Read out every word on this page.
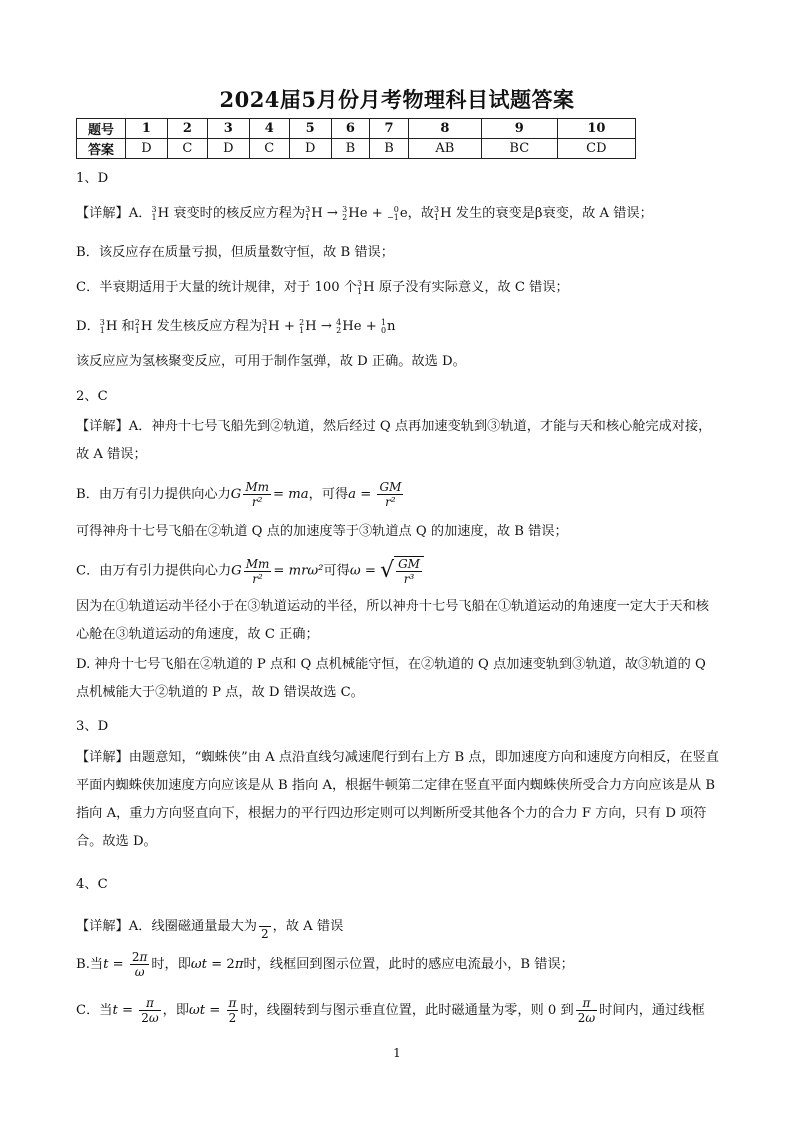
2024届5月份月考物理科目试题答案
题号	1	2	3	4	5	6	7	8	9	10
答案	D	C	D	C	D	B	B	AB	BC	CD
1、D
【详解】A． 3
1 H 衰变时的核反应方程为 3
1 H → 3
2 He + 0
−1 e，故 3
1 H 发生的衰变是β衰变，故 A 错误；
B．该反应存在质量亏损，但质量数守恒，故 B 错误；
C．半衰期适用于大量的统计规律，对于 100 个 3
1 H 原子没有实际意义，故 C 错误；
D． 3
1 H 和 2
1 H 发生核反应方程为 3
1 H + 2
1 H → 4
2 He + 1
0 n
该反应应为氢核聚变反应，可用于制作氢弹，故 D 正确。故选 D。
2、C
【详解】A．神舟十七号飞船先到②轨道，然后经过 Q 点再加速变轨到③轨道，才能与天和核心舱完成对接，故 A 错误；
B．由万有引力提供向心力G $\frac{Mm}{\text{r²}}$ = ma，可得$a = \frac{GM}{\text{r²}}$
可得神舟十七号飞船在②轨道 Q 点的加速度等于③轨道点 Q 的加速度，故 B 错误；
C．由万有引力提供向心力G $\frac{Mm}{\text{r²}} = mr\omega^2$可得ω = √ $\frac{GM}{\text{r³}}$
因为在①轨道运动半径小于在③轨道运动的半径，所以神舟十七号飞船在①轨道运动的角速度一定大于天和核心舱在③轨道运动的角速度，故 C 正确；
D. 神舟十七号飞船在②轨道的 P 点和 Q 点机械能守恒，在②轨道的 Q 点加速变轨到③轨道，故③轨道的 Q 点机械能大于②轨道的 P 点，故 D 错误故选 C。
3、D
【详解】由题意知，“蜘蛛侠”由 A 点沿直线匀减速爬行到右上方 B 点，即加速度方向和速度方向相反，在竖直平面内蜘蛛侠加速度方向应该是从 B 指向 A，根据牛顿第二定律在竖直平面内蜘蛛侠所受合力方向应该是从 B 指向 A，重力方向竖直向下，根据力的平行四边形定则可以判断所受其他各个力的合力 F 方向，只有 D 项符合。故选 D。
4、C
【详解】A．线圈磁通量最大为
2 ，故 A 错误
B.当$t = \frac{2\pi}{\omega}$ 时，即ωt = 2π时，线框回到图示位置，此时的感应电流最小，B 错误；
C．当$t = \frac{\pi}{2\omega}$ ，即$\omega t = \frac{\pi}{2}$ 时，线圈转到与图示垂直位置，此时磁通量为零，则 0 到 $\frac{\pi}{2\omega}$ 时间内，通过线框
1
